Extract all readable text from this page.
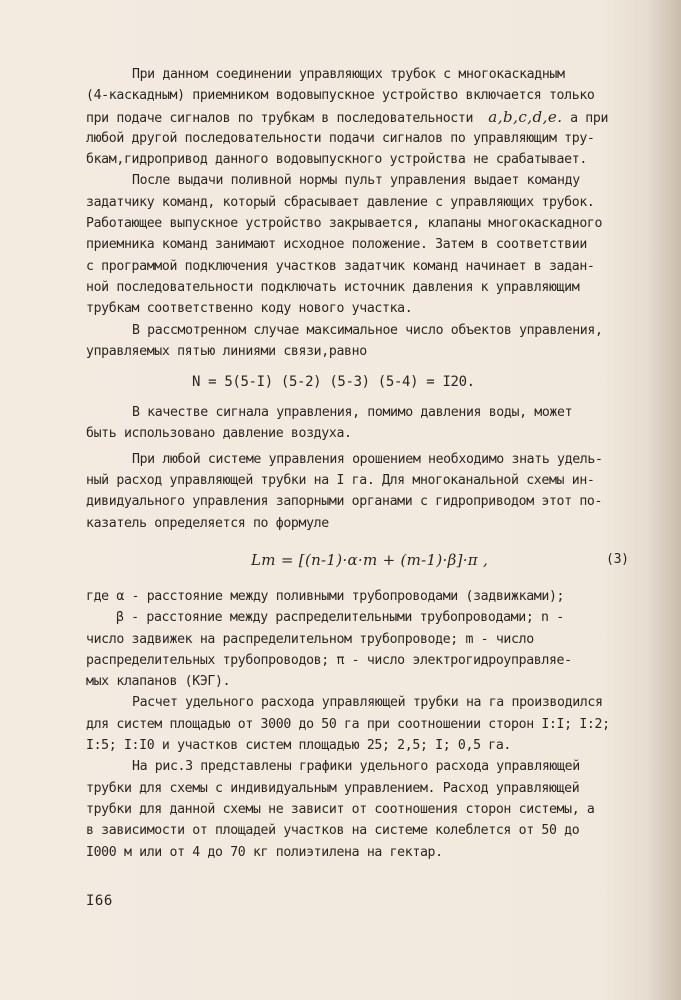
При данном соединении управляющих трубок с многокаскадным
(4-каскадным) приемником водовыпускное устройство включается только
при подаче сигналов по трубкам в последовательности a,b,c,d,e. а при
любой другой последовательности подачи сигналов по управляющим тру-
бкам,гидропривод данного водовыпускного устройства не срабатывает.
После выдачи поливной нормы пульт управления выдает команду
задатчику команд, который сбрасывает давление с управляющих трубок.
Работающее выпускное устройство закрывается, клапаны многокаскадного
приемника команд занимают исходное положение. Затем в соответствии
с программой подключения участков задатчик команд начинает в задан-
ной последовательности подключать источник давления к управляющим
трубкам соответственно коду нового участка.
В рассмотренном случае максимальное число объектов управления,
управляемых пятью линиями связи,равно
N = 5(5-I) (5-2) (5-3) (5-4) = I20.
В качестве сигнала управления, помимо давления воды, может
быть использовано давление воздуха.
При любой системе управления орошением необходимо знать удель-
ный расход управляющей трубки на I га. Для многоканальной схемы ин-
дивидуального управления запорными органами с гидроприводом этот по-
казатель определяется по формуле
Lт = [(n-1)·α·m + (m-1)·β]·π ,	(3)
где α - расстояние между поливными трубопроводами (задвижками);
β - расстояние между распределительными трубопроводами; n -
число задвижек на распределительном трубопроводе; m - число
распределительных трубопроводов; π - число электрогидроуправляе-
мых клапанов (КЭГ).
Расчет удельного расхода управляющей трубки на га производился
для систем площадью от 3000 до 50 га при соотношении сторон I:I; I:2;
I:5; I:I0 и участков систем площадью 25; 2,5; I; 0,5 га.
На рис.3 представлены графики удельного расхода управляющей
трубки для схемы с индивидуальным управлением. Расход управляющей
трубки для данной схемы не зависит от соотношения сторон системы, а
в зависимости от площадей участков на системе колеблется от 50 до
I000 м или от 4 до 70 кг полиэтилена на гектар.
I66
